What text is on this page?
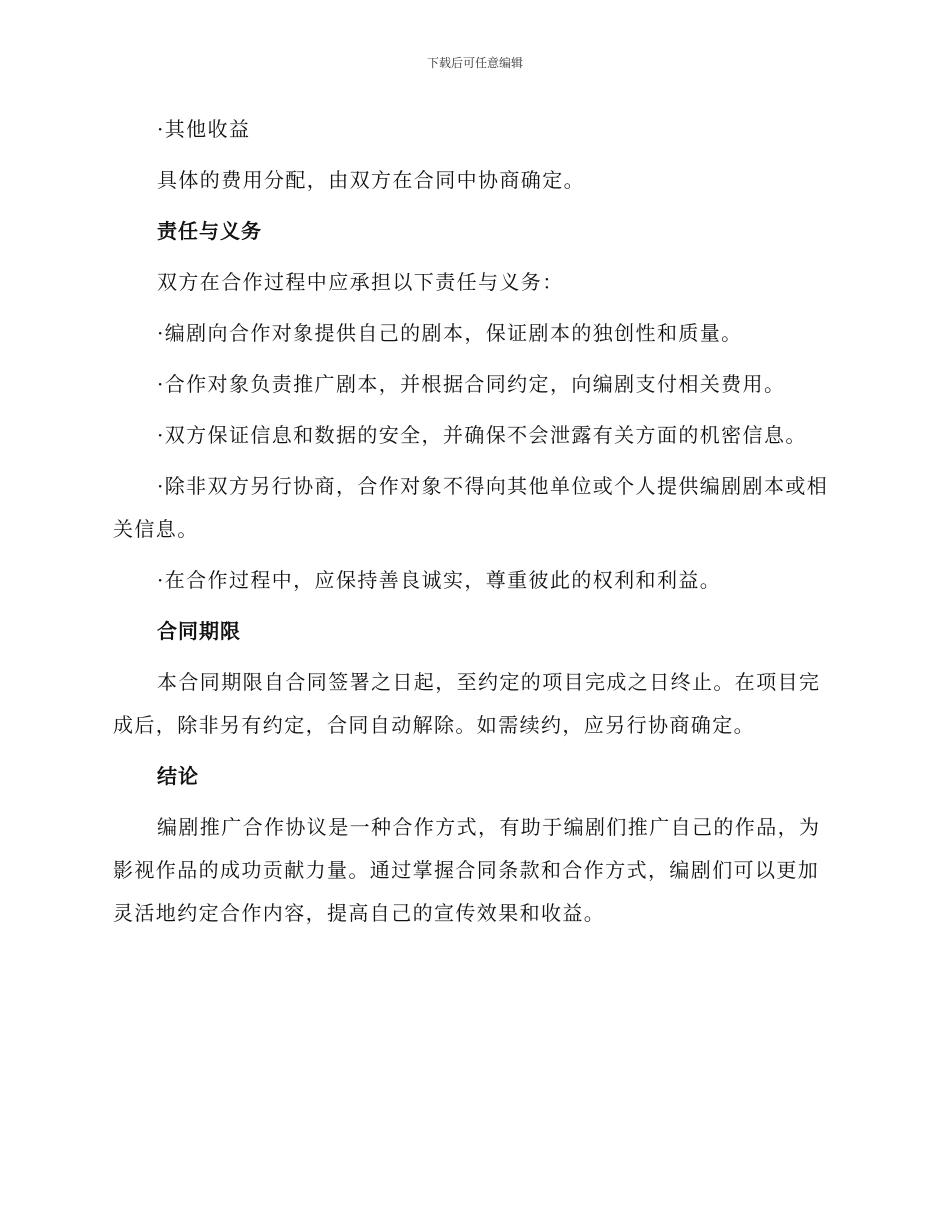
下载后可任意编辑

·其他收益

具体的费用分配，由双方在合同中协商确定。

责任与义务

双方在合作过程中应承担以下责任与义务：

·编剧向合作对象提供自己的剧本，保证剧本的独创性和质量。

·合作对象负责推广剧本，并根据合同约定，向编剧支付相关费用。

·双方保证信息和数据的安全，并确保不会泄露有关方面的机密信息。

·除非双方另行协商，合作对象不得向其他单位或个人提供编剧剧本或相关信息。

·在合作过程中，应保持善良诚实，尊重彼此的权利和利益。

合同期限

本合同期限自合同签署之日起，至约定的项目完成之日终止。在项目完成后，除非另有约定，合同自动解除。如需续约，应另行协商确定。

结论

编剧推广合作协议是一种合作方式，有助于编剧们推广自己的作品，为影视作品的成功贡献力量。通过掌握合同条款和合作方式，编剧们可以更加灵活地约定合作内容，提高自己的宣传效果和收益。
